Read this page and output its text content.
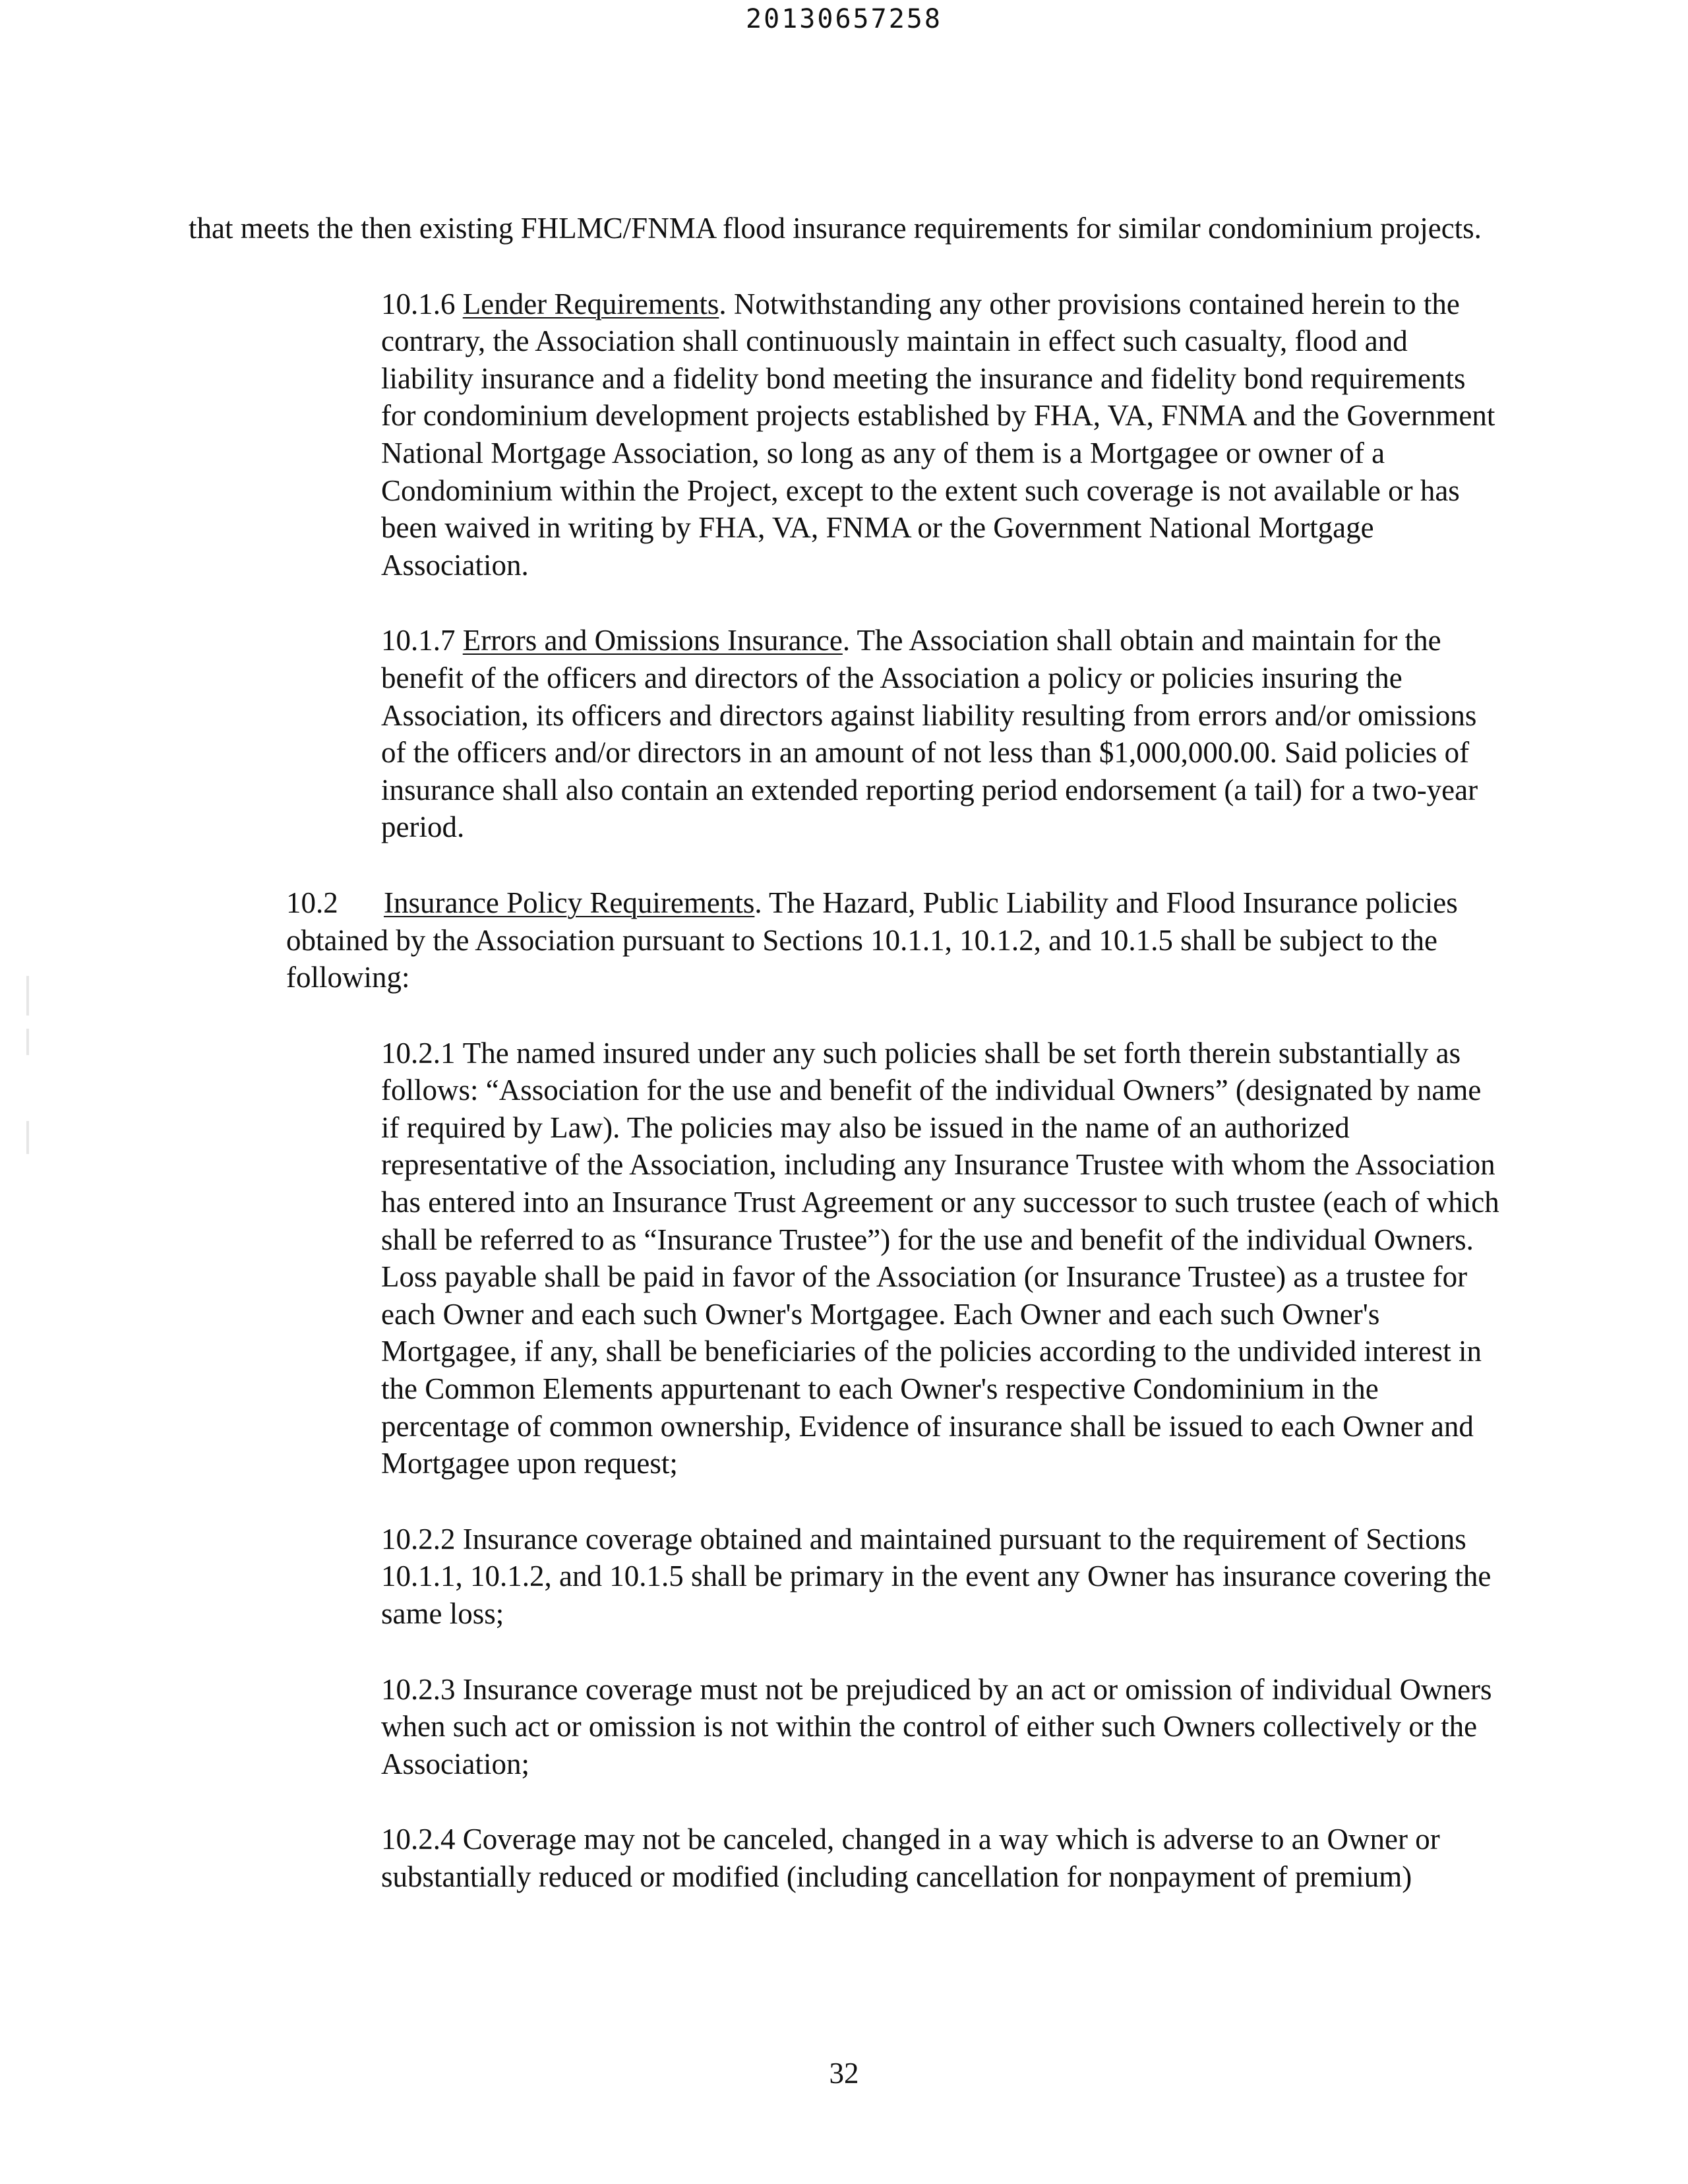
20130657258

that meets the then existing FHLMC/FNMA flood insurance requirements for similar condominium projects.

10.1.6 Lender Requirements. Notwithstanding any other provisions contained herein to the contrary, the Association shall continuously maintain in effect such casualty, flood and liability insurance and a fidelity bond meeting the insurance and fidelity bond requirements for condominium development projects established by FHA, VA, FNMA and the Government National Mortgage Association, so long as any of them is a Mortgagee or owner of a Condominium within the Project, except to the extent such coverage is not available or has been waived in writing by FHA, VA, FNMA or the Government National Mortgage Association.

10.1.7 Errors and Omissions Insurance. The Association shall obtain and maintain for the benefit of the officers and directors of the Association a policy or policies insuring the Association, its officers and directors against liability resulting from errors and/or omissions of the officers and/or directors in an amount of not less than $1,000,000.00. Said policies of insurance shall also contain an extended reporting period endorsement (a tail) for a two-year period.

10.2 Insurance Policy Requirements. The Hazard, Public Liability and Flood Insurance policies obtained by the Association pursuant to Sections 10.1.1, 10.1.2, and 10.1.5 shall be subject to the following:

10.2.1 The named insured under any such policies shall be set forth therein substantially as follows: “Association for the use and benefit of the individual Owners” (designated by name if required by Law). The policies may also be issued in the name of an authorized representative of the Association, including any Insurance Trustee with whom the Association has entered into an Insurance Trust Agreement or any successor to such trustee (each of which shall be referred to as “Insurance Trustee”) for the use and benefit of the individual Owners. Loss payable shall be paid in favor of the Association (or Insurance Trustee) as a trustee for each Owner and each such Owner's Mortgagee. Each Owner and each such Owner's Mortgagee, if any, shall be beneficiaries of the policies according to the undivided interest in the Common Elements appurtenant to each Owner's respective Condominium in the percentage of common ownership, Evidence of insurance shall be issued to each Owner and Mortgagee upon request;

10.2.2 Insurance coverage obtained and maintained pursuant to the requirement of Sections 10.1.1, 10.1.2, and 10.1.5 shall be primary in the event any Owner has insurance covering the same loss;

10.2.3 Insurance coverage must not be prejudiced by an act or omission of individual Owners when such act or omission is not within the control of either such Owners collectively or the Association;

10.2.4 Coverage may not be canceled, changed in a way which is adverse to an Owner or substantially reduced or modified (including cancellation for nonpayment of premium)

32
